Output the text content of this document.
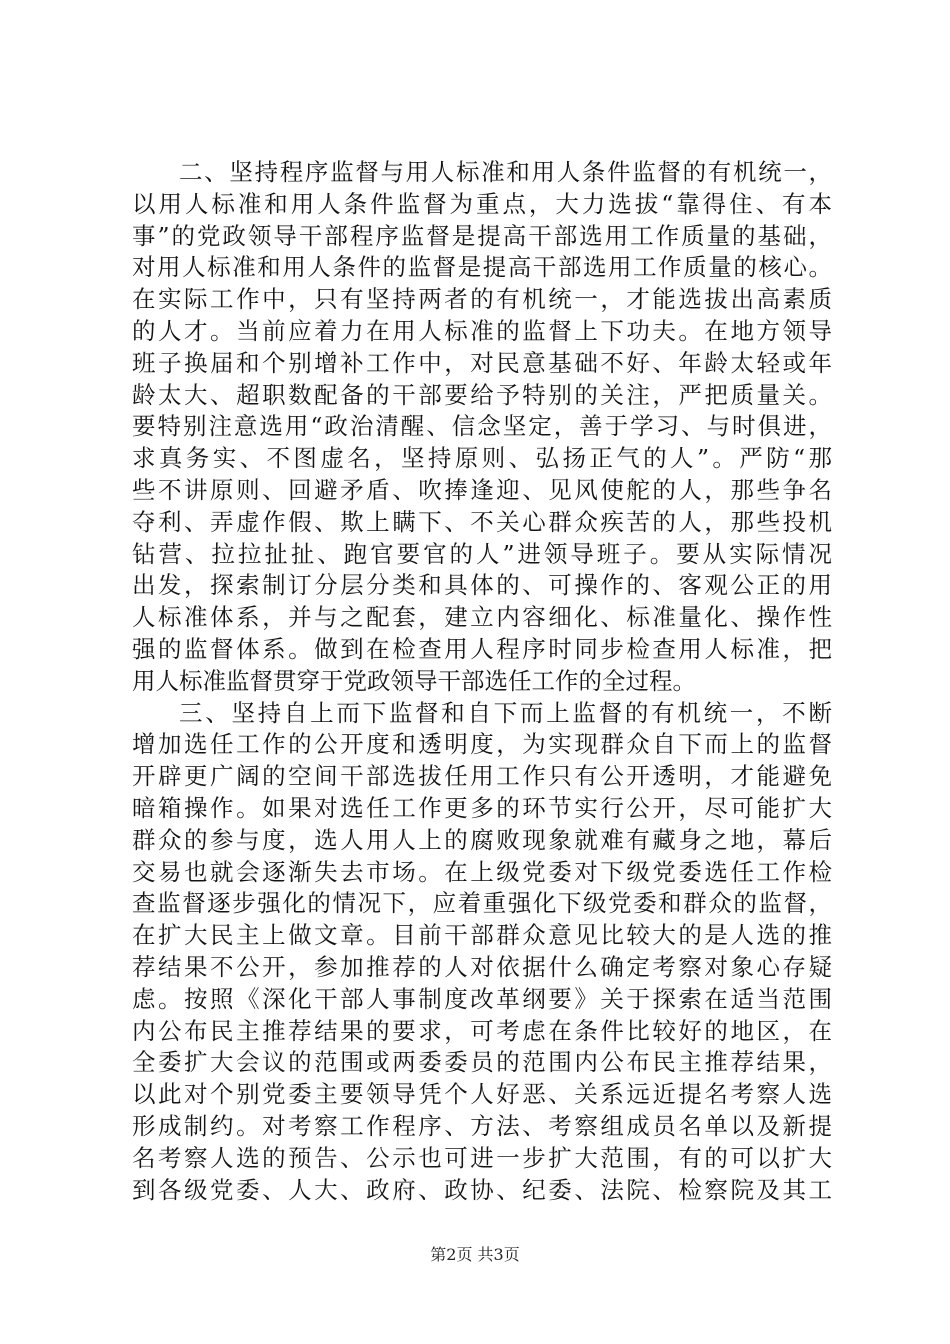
二、坚持程序监督与用人标准和用人条件监督的有机统一，
以用人标准和用人条件监督为重点，大力选拔“靠得住、有本
事”的党政领导干部程序监督是提高干部选用工作质量的基础，
对用人标准和用人条件的监督是提高干部选用工作质量的核心。
在实际工作中，只有坚持两者的有机统一，才能选拔出高素质
的人才。当前应着力在用人标准的监督上下功夫。在地方领导
班子换届和个别增补工作中，对民意基础不好、年龄太轻或年
龄太大、超职数配备的干部要给予特别的关注，严把质量关。
要特别注意选用“政治清醒、信念坚定，善于学习、与时俱进，
求真务实、不图虚名，坚持原则、弘扬正气的人”。严防“那
些不讲原则、回避矛盾、吹捧逢迎、见风使舵的人，那些争名
夺利、弄虚作假、欺上瞒下、不关心群众疾苦的人，那些投机
钻营、拉拉扯扯、跑官要官的人”进领导班子。要从实际情况
出发，探索制订分层分类和具体的、可操作的、客观公正的用
人标准体系，并与之配套，建立内容细化、标准量化、操作性
强的监督体系。做到在检查用人程序时同步检查用人标准，把
用人标准监督贯穿于党政领导干部选任工作的全过程。
三、坚持自上而下监督和自下而上监督的有机统一，不断
增加选任工作的公开度和透明度，为实现群众自下而上的监督
开辟更广阔的空间干部选拔任用工作只有公开透明，才能避免
暗箱操作。如果对选任工作更多的环节实行公开，尽可能扩大
群众的参与度，选人用人上的腐败现象就难有藏身之地，幕后
交易也就会逐渐失去市场。在上级党委对下级党委选任工作检
查监督逐步强化的情况下，应着重强化下级党委和群众的监督，
在扩大民主上做文章。目前干部群众意见比较大的是人选的推
荐结果不公开，参加推荐的人对依据什么确定考察对象心存疑
虑。按照《深化干部人事制度改革纲要》关于探索在适当范围
内公布民主推荐结果的要求，可考虑在条件比较好的地区，在
全委扩大会议的范围或两委委员的范围内公布民主推荐结果，
以此对个别党委主要领导凭个人好恶、关系远近提名考察人选
形成制约。对考察工作程序、方法、考察组成员名单以及新提
名考察人选的预告、公示也可进一步扩大范围，有的可以扩大
到各级党委、人大、政府、政协、纪委、法院、检察院及其工
第2页 共3页
